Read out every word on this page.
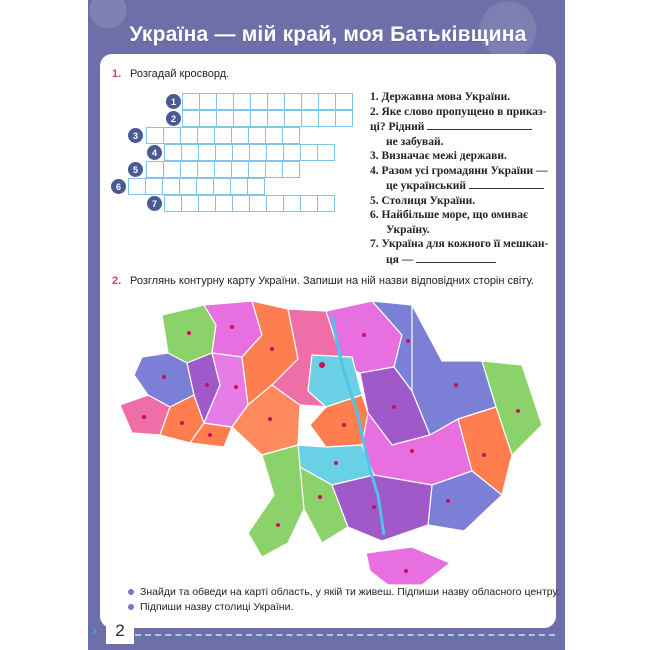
Україна — мій край, моя Батьківщина
1. Розгадай кросворд.
1
2
3
4
5
6
7
1. Державна мова України.
2. Яке слово пропущено в приказ-
ці? Рідний
не забувай.
3. Визначає межі держави.
4. Разом усі громадяни України —
це український
5. Столиця України.
6. Найбільше море, що омиває
Україну.
7. Україна для кожного її мешкан-
ця —
2. Розглянь контурну карту України. Запиши на ній назви відповідних сторін світу.
Знайди та обведи на карті область, у якій ти живеш. Підпиши назву обласного центру.
Підпиши назву столиці України.
›	2
